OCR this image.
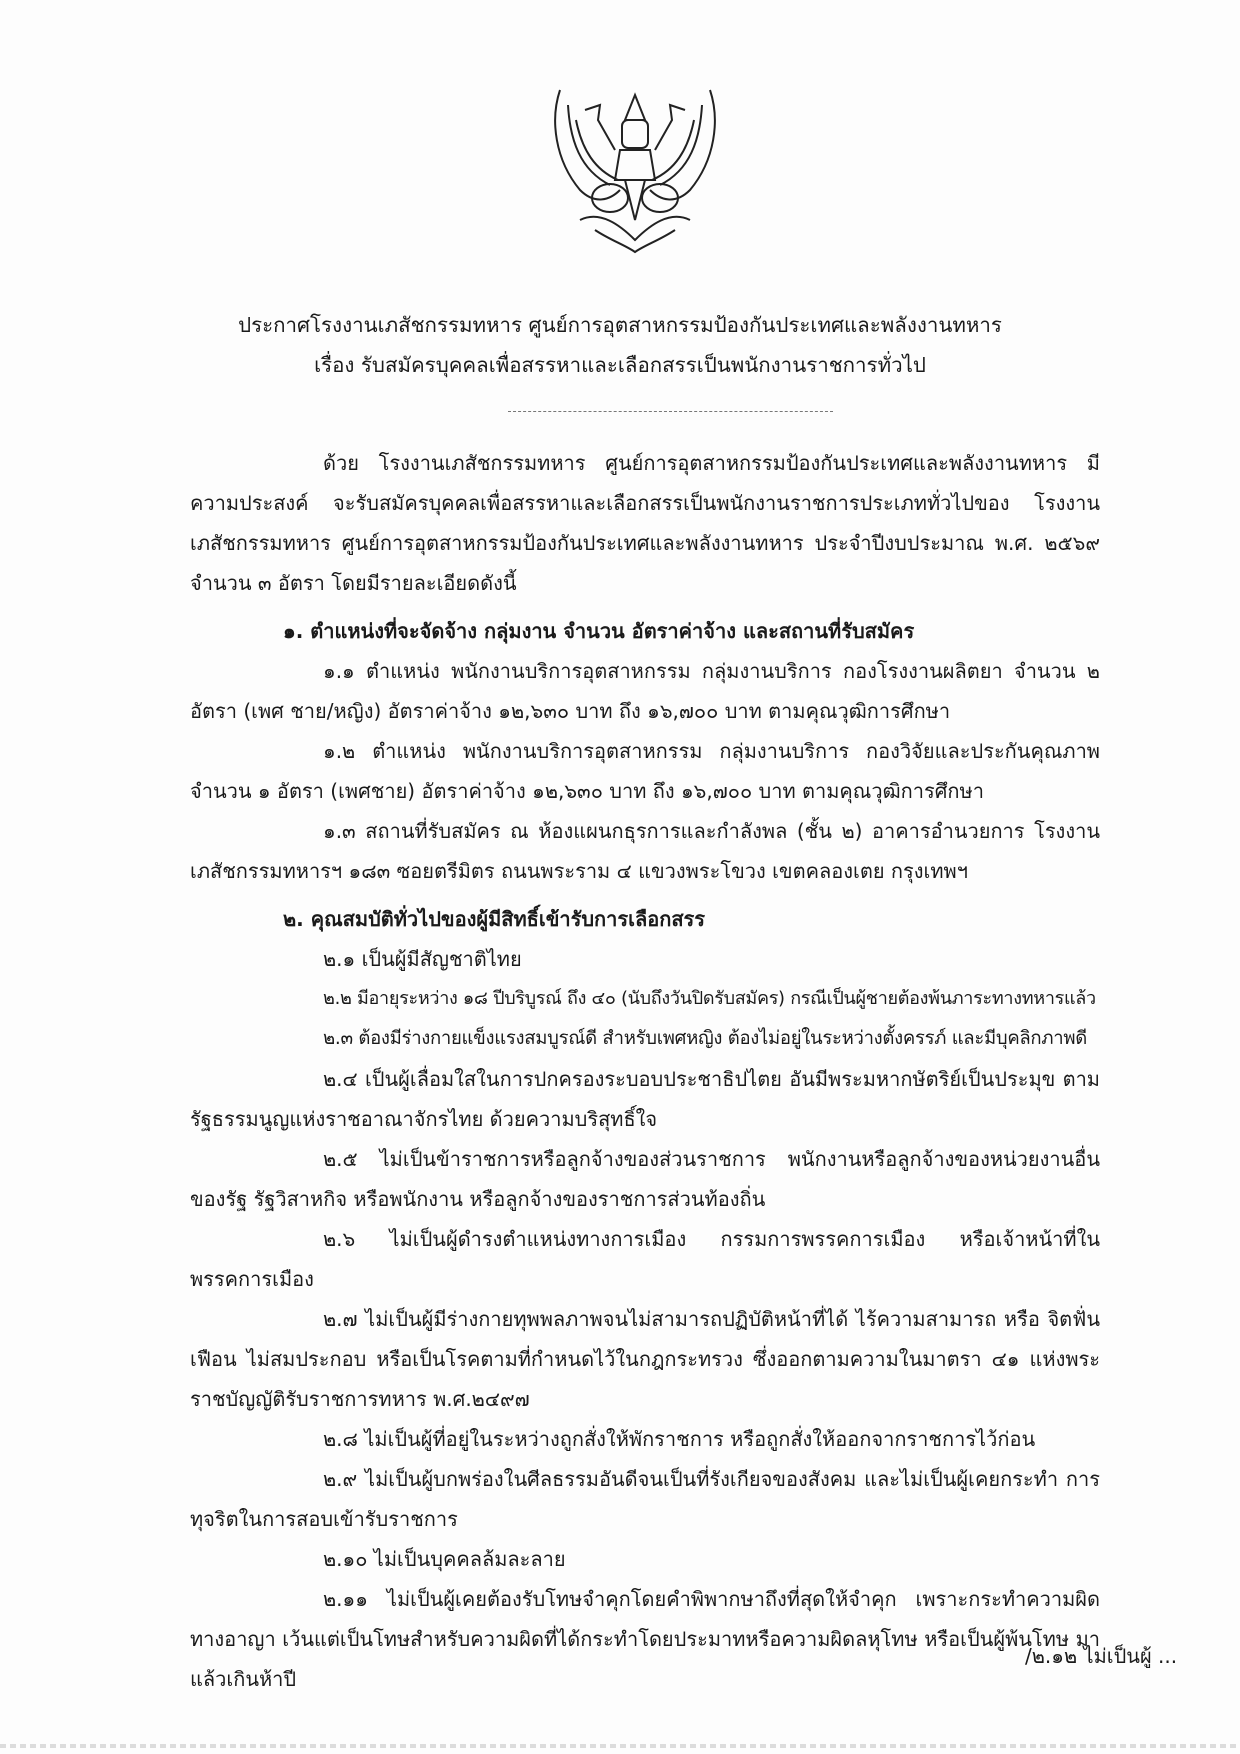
ประกาศโรงงานเภสัชกรรมทหาร ศูนย์การอุตสาหกรรมป้องกันประเทศและพลังงานทหาร
เรื่อง รับสมัครบุคคลเพื่อสรรหาและเลือกสรรเป็นพนักงานราชการทั่วไป

ด้วย โรงงานเภสัชกรรมทหาร ศูนย์การอุตสาหกรรมป้องกันประเทศและพลังงานทหาร มีความประสงค์ จะรับสมัครบุคคลเพื่อสรรหาและเลือกสรรเป็นพนักงานราชการประเภททั่วไปของ โรงงานเภสัชกรรมทหาร ศูนย์การอุตสาหกรรมป้องกันประเทศและพลังงานทหาร ประจำปีงบประมาณ พ.ศ. ๒๕๖๙ จำนวน ๓ อัตรา โดยมีรายละเอียดดังนี้

๑. ตำแหน่งที่จะจัดจ้าง กลุ่มงาน จำนวน อัตราค่าจ้าง และสถานที่รับสมัคร

๑.๑ ตำแหน่ง พนักงานบริการอุตสาหกรรม กลุ่มงานบริการ กองโรงงานผลิตยา จำนวน ๒ อัตรา (เพศ ชาย/หญิง) อัตราค่าจ้าง ๑๒,๖๓๐ บาท ถึง ๑๖,๗๐๐ บาท ตามคุณวุฒิการศึกษา

๑.๒ ตำแหน่ง พนักงานบริการอุตสาหกรรม กลุ่มงานบริการ กองวิจัยและประกันคุณภาพ จำนวน ๑ อัตรา (เพศชาย) อัตราค่าจ้าง ๑๒,๖๓๐ บาท ถึง ๑๖,๗๐๐ บาท ตามคุณวุฒิการศึกษา

๑.๓ สถานที่รับสมัคร ณ ห้องแผนกธุรการและกำลังพล (ชั้น ๒) อาคารอำนวยการ โรงงานเภสัชกรรมทหารฯ ๑๘๓ ซอยตรีมิตร ถนนพระราม ๔ แขวงพระโขวง เขตคลองเตย กรุงเทพฯ

๒. คุณสมบัติทั่วไปของผู้มีสิทธิ์เข้ารับการเลือกสรร

๒.๑ เป็นผู้มีสัญชาติไทย

๒.๒ มีอายุระหว่าง ๑๘ ปีบริบูรณ์ ถึง ๔๐ (นับถึงวันปิดรับสมัคร) กรณีเป็นผู้ชายต้องพ้นภาระทางทหารแล้ว

๒.๓ ต้องมีร่างกายแข็งแรงสมบูรณ์ดี สำหรับเพศหญิง ต้องไม่อยู่ในระหว่างตั้งครรภ์ และมีบุคลิกภาพดี

๒.๔ เป็นผู้เลื่อมใสในการปกครองระบอบประชาธิปไตย อันมีพระมหากษัตริย์เป็นประมุข ตามรัฐธรรมนูญแห่งราชอาณาจักรไทย ด้วยความบริสุทธิ์ใจ

๒.๕ ไม่เป็นข้าราชการหรือลูกจ้างของส่วนราชการ พนักงานหรือลูกจ้างของหน่วยงานอื่นของรัฐ รัฐวิสาหกิจ หรือพนักงาน หรือลูกจ้างของราชการส่วนท้องถิ่น

๒.๖ ไม่เป็นผู้ดำรงตำแหน่งทางการเมือง กรรมการพรรคการเมือง หรือเจ้าหน้าที่ในพรรคการเมือง

๒.๗ ไม่เป็นผู้มีร่างกายทุพพลภาพจนไม่สามารถปฏิบัติหน้าที่ได้ ไร้ความสามารถ หรือ จิตฟั่นเฟือน ไม่สมประกอบ หรือเป็นโรคตามที่กำหนดไว้ในกฎกระทรวง ซึ่งออกตามความในมาตรา ๔๑ แห่งพระราชบัญญัติรับราชการทหาร พ.ศ.๒๔๙๗

๒.๘ ไม่เป็นผู้ที่อยู่ในระหว่างถูกสั่งให้พักราชการ หรือถูกสั่งให้ออกจากราชการไว้ก่อน

๒.๙ ไม่เป็นผู้บกพร่องในศีลธรรมอันดีจนเป็นที่รังเกียจของสังคม และไม่เป็นผู้เคยกระทำ การทุจริตในการสอบเข้ารับราชการ

๒.๑๐ ไม่เป็นบุคคลล้มละลาย

๒.๑๑ ไม่เป็นผู้เคยต้องรับโทษจำคุกโดยคำพิพากษาถึงที่สุดให้จำคุก เพราะกระทำความผิด ทางอาญา เว้นแต่เป็นโทษสำหรับความผิดที่ได้กระทำโดยประมาทหรือความผิดลหุโทษ หรือเป็นผู้พ้นโทษ มาแล้วเกินห้าปี

/๒.๑๒ ไม่เป็นผู้ ...
